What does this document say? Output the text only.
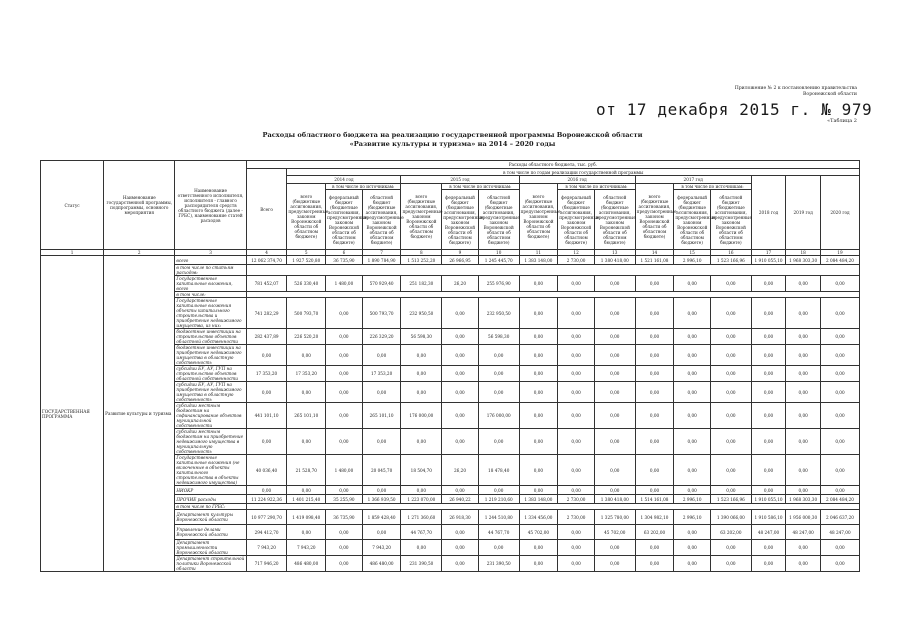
Приложение № 2 к постановлению правительства Воронежской области
от 17 декабря 2015 г. № 979
«Таблица 2
Расходы областного бюджета на реализацию государственной программы Воронежской области
«Развитие культуры и туризма» на 2014 – 2020 годы
Статус	Наименование государственной программы, подпрограммы, основного мероприятия	Наименование ответственного исполнителя, исполнителя - главного распорядителя средств областного бюджета (далее - ГРБС), наименование статей расходов	Расходы областного бюджета, тыс. руб.															
			Всего	в том числе по годам реализации государственной программы														
				2014 год			2015 год			2016 год			2017 год			2018 год	2019 год	2020 год
				всего (бюджетные ассигнования, предусмотренные законом Воронежской области об областном бюджете)	в том числе по источникам:		всего (бюджетные ассигнования, предусмотренные законом Воронежской области об областном бюджете)	в том числе по источникам:		всего (бюджетные ассигнования, предусмотренные законом Воронежской области об областном бюджете)	в том числе по источникам:		всего (бюджетные ассигнования, предусмотренные законом Воронежской области об областном бюджете)	в том числе по источникам:				
					федеральный бюджет (бюджетные ассигнования, предусмотренные законом Воронежской области об областном бюджете)	областной бюджет (бюджетные ассигнования, предусмотренные законом Воронежской области об областном бюджете)		федеральный бюджет (бюджетные ассигнования, предусмотренные законом Воронежской области об областном бюджете)	областной бюджет (бюджетные ассигнования, предусмотренные законом Воронежской области об областном бюджете)		федеральный бюджет (бюджетные ассигнования, предусмотренные законом Воронежской области об областном бюджете)	областной бюджет (бюджетные ассигнования, предусмотренные законом Воронежской области об областном бюджете)		федеральный бюджет (бюджетные ассигнования, предусмотренные законом Воронежской области об областном бюджете)	областной бюджет (бюджетные ассигнования, предусмотренные законом Воронежской области об областном бюджете)			
1	2	3	4	5	6	7	8	9	10	11	12	13	14	15	16	17	18	19
ГОСУДАРСТВЕННАЯ ПРОГРАММА	Развитие культуры и туризма	всего	12 062 374,70	1 927 520,80	36 735,90	1 890 784,90	1 513 252,20	26 966,95	1 245 445,70	1 383 148,00	2 730,00	1 380 418,00	1 521 161,08	2 996,10	1 523 166,96	1 910 055,10	1 968 303,30	2 084 484,20
		в том числе по статьям расходов:																
		Государственные капитальные вложения, всего	781 452,07	526 330,40	1 480,00	570 929,40	251 182,30	26,20	255 976,90	0,00	0,00	0,00	0,00	0,00	0,00	0,00	0,00	0,00
		в том числе:																
		Государственные капитальные вложения объекты капитального строительства и приобретение недвижимого имущества, из них:	741 282,29	500 793,70	0,00	500 793,70	232 950,50	0,00	232 950,50	0,00	0,00	0,00	0,00	0,00	0,00	0,00	0,00	0,00
		бюджетные инвестиции на строительство объектов областной собственности	282 437,89	226 520,20	0,00	226 329,20	56 598,30	0,00	56 598,30	0,00	0,00	0,00	0,00	0,00	0,00	0,00	0,00	0,00
		бюджетные инвестиции на приобретение недвижимого имущества в областную собственность	0,00	0,00	0,00	0,00	0,00	0,00	0,00	0,00	0,00	0,00	0,00	0,00	0,00	0,00	0,00	0,00
		субсидии БУ, АУ, ГУП на строительство объектов областной собственности	17 353,20	17 353,20	0,00	17 353,20	0,00	0,00	0,00	0,00	0,00	0,00	0,00	0,00	0,00	0,00	0,00	0,00
		субсидии БУ, АУ, ГУП на приобретение недвижимого имущества в областную собственность	0,00	0,00	0,00	0,00	0,00	0,00	0,00	0,00	0,00	0,00	0,00	0,00	0,00	0,00	0,00	0,00
		субсидии местным бюджетам на софинансирование объектов муниципальной собственности	441 101,10	265 101,10	0,00	265 101,10	176 000,00	0,00	176 000,00	0,00	0,00	0,00	0,00	0,00	0,00	0,00	0,00	0,00
		субсидии местным бюджетам на приобретение недвижимого имущества в муниципальную собственность	0,00	0,00	0,00	0,00	0,00	0,00	0,00	0,00	0,00	0,00	0,00	0,00	0,00	0,00	0,00	0,00
		Государственные капитальные вложения (не включенные в объекты капитального строительства в объекты недвижимого имущества)	40 036,40	21 528,70	1 480,00	20 045,70	18 504,70	26,20	18 478,40	0,00	0,00	0,00	0,00	0,00	0,00	0,00	0,00	0,00
		НИОКР	0,00	0,00	0,00	0,00	0,00	0,00	0,00	0,00	0,00	0,00	0,00	0,00	0,00	0,00	0,00	0,00
		ПРОЧИЕ расходы	11 224 922,36	1 401 215,40	35 255,90	1 366 939,50	1 223 070,00	26 940,22	1 219 210,60	1 383 148,00	2 730,00	1 380 418,00	1 514 161,08	2 996,10	1 523 166,96	1 910 055,10	1 968 303,30	2 084 484,20
		в том числе по ГРБС:																
		Департамент культуры Воронежской области	10 977 290,70	1 419 098,40	36 735,90	1 859 428,40	1 271 360,60	26 918,30	1 244 510,80	1 334 456,00	2 730,00	1 325 780,00	1 304 982,10	2 996,10	1 390 066,00	1 910 586,10	1 956 000,30	2 046 637,20
		Управление делами Воронежской области	294 412,70	0,00	0,00	0,00	44 767,70	0,00	44 767,70	45 702,00	0,00	45 702,00	63 202,00	0,00	63 202,00	48 247,00	48 247,00	48 247,00
		Департамент промышленности Воронежской области	7 943,20	7 943,20	0,00	7 943,20	0,00	0,00	0,00	0,00	0,00	0,00	0,00	0,00	0,00	0,00	0,00	0,00
		Департамент строительной политики Воронежской области	717 946,20	486 480,00	0,00	486 480,00	231 390,50	0,00	231 390,50	0,00	0,00	0,00	0,00	0,00	0,00	0,00	0,00	0,00
